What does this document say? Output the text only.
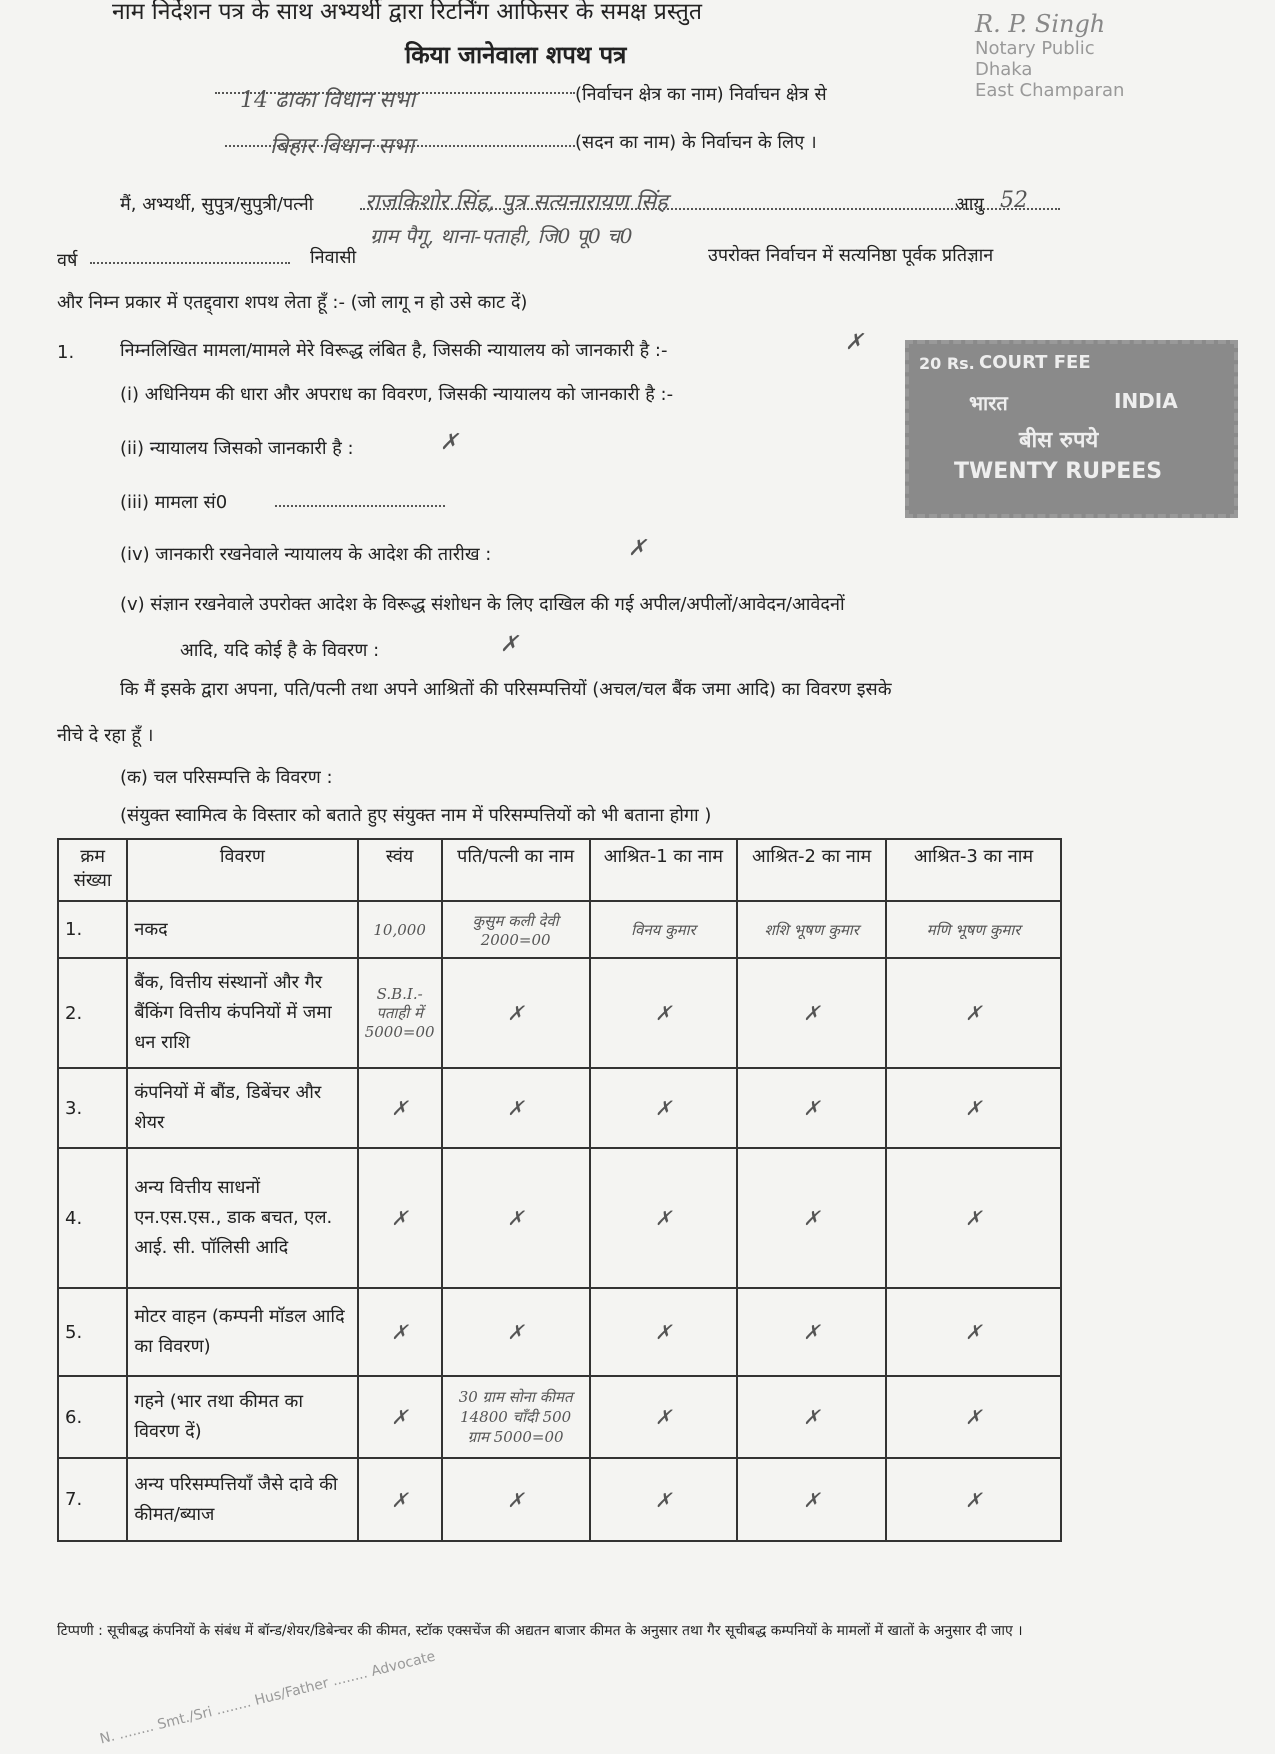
नाम निर्देशन पत्र के साथ अभ्यर्थी द्वारा रिटर्निंग आफिसर के समक्ष प्रस्तुत
किया जानेवाला शपथ पत्र
14 ढाका विधान सभा	(निर्वाचन क्षेत्र का नाम) निर्वाचन क्षेत्र से
बिहार विधान सभा	(सदन का नाम) के निर्वाचन के लिए ।
R. P. Singh
Notary Public
Dhaka
East Champaran
मैं, अभ्यर्थी, सुपुत्र/सुपुत्री/पत्नी राजकिशोर सिंह, पुत्र सत्यनारायण सिंह	आयु 52
वर्ष	निवासी
ग्राम पैगू, थाना-पताही, जि0 पू0 च0
उपरोक्त निर्वाचन में सत्यनिष्ठा पूर्वक प्रतिज्ञान
और निम्न प्रकार में एतद्द्वारा शपथ लेता हूँ :- (जो लागू न हो उसे काट दें)
1.	निम्नलिखित मामला/मामले मेरे विरूद्ध लंबित है, जिसकी न्यायालय को जानकारी है :-	✗
(i) अधिनियम की धारा और अपराध का विवरण, जिसकी न्यायालय को जानकारी है :-
(ii) न्यायालय जिसको जानकारी है :	✗
(iii) मामला सं0
(iv) जानकारी रखनेवाले न्यायालय के आदेश की तारीख :	✗
(v) संज्ञान रखनेवाले उपरोक्त आदेश के विरूद्ध संशोधन के लिए दाखिल की गई अपील/अपीलों/आवेदन/आवेदनों
आदि, यदि कोई है के विवरण :	✗
कि मैं इसके द्वारा अपना, पति/पत्नी तथा अपने आश्रितों की परिसम्पत्तियों (अचल/चल बैंक जमा आदि) का विवरण इसके
नीचे दे रहा हूँ ।
(क) चल परिसम्पत्ति के विवरण :
(संयुक्त स्वामित्व के विस्तार को बताते हुए संयुक्त नाम में परिसम्पत्तियों को भी बताना होगा )
20 Rs. COURT FEE
भारत	INDIA
बीस रुपये
TWENTY RUPEES
क्रम संख्या	विवरण	स्वंय	पति/पत्नी का नाम	आश्रित-1 का नाम	आश्रित-2 का नाम	आश्रित-3 का नाम
1.	नकद	10,000	कुसुम कली देवी 2000=00	विनय कुमार	शशि भूषण कुमार	मणि भूषण कुमार
2.	बैंक, वित्तीय संस्थानों और गैर बैंकिंग वित्तीय कंपनियों में जमा धन राशि	S.B.I.- पताही में 5000=00	✗	✗	✗	✗
3.	कंपनियों में बौंड, डिबेंचर और शेयर	✗	✗	✗	✗	✗
4.	अन्य वित्तीय साधनों एन.एस.एस., डाक बचत, एल. आई. सी. पॉलिसी आदि	✗	✗	✗	✗	✗
5.	मोटर वाहन (कम्पनी मॉडल आदि का विवरण)	✗	✗	✗	✗	✗
6.	गहने (भार तथा कीमत का विवरण दें)	✗	30 ग्राम सोना कीमत 14800 चाँदी 500 ग्राम 5000=00	✗	✗	✗
7.	अन्य परिसम्पत्तियाँ जैसे दावे की कीमत/ब्याज	✗	✗	✗	✗	✗
टिप्पणी : सूचीबद्ध कंपनियों के संबंध में बॉन्ड/शेयर/डिबेन्चर की कीमत, स्टॉक एक्सचेंज की अद्यतन बाजार कीमत के अनुसार तथा गैर सूचीबद्ध कम्पनियों के मामलों में खातों के अनुसार दी जाए ।
N. ........ Smt./Sri ........ Hus/Father ........ Advocate
